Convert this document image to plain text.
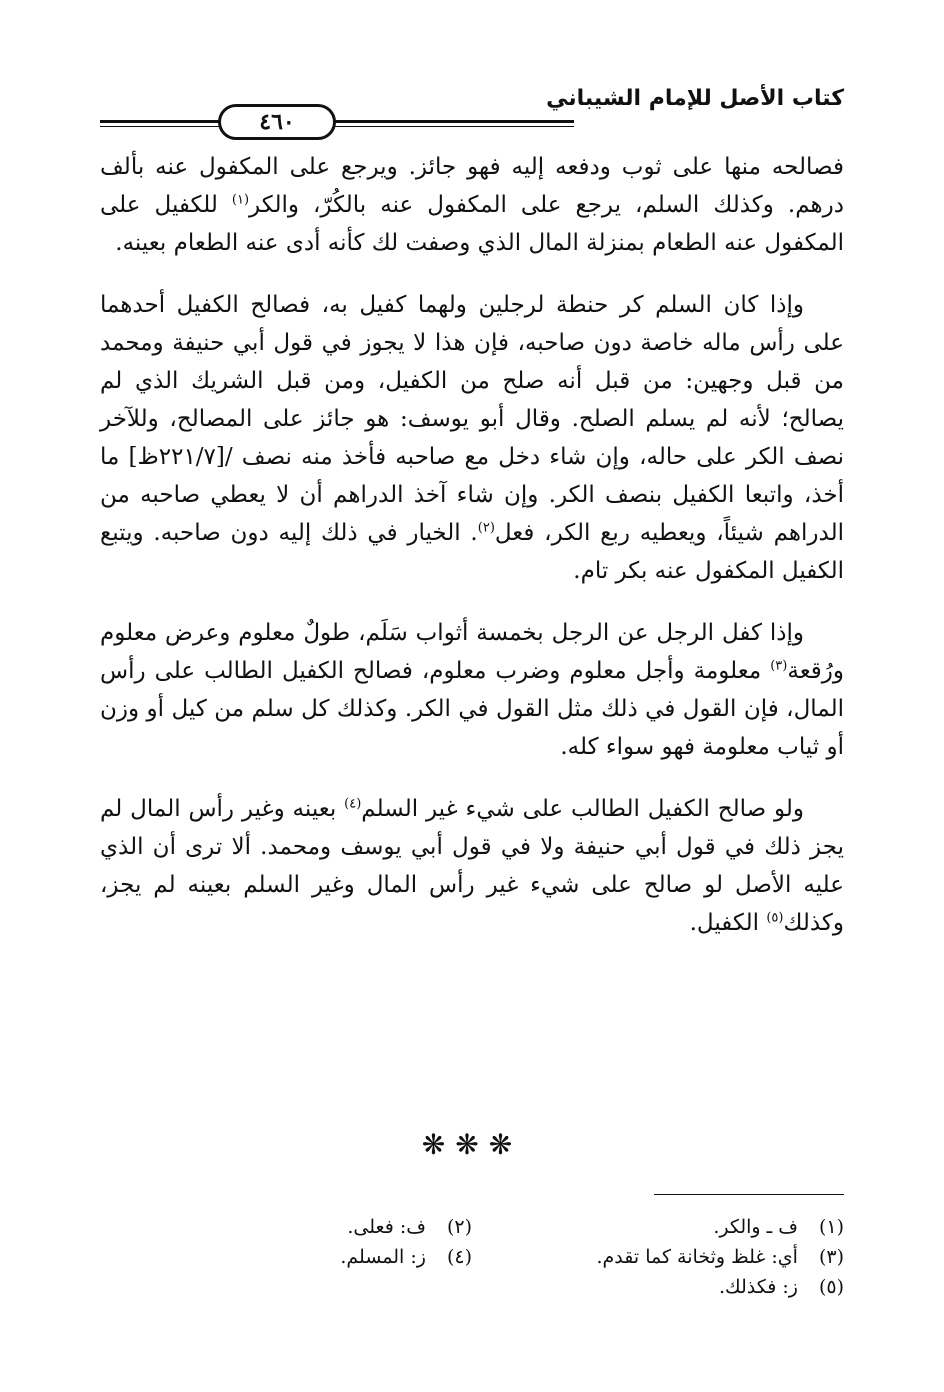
كتاب الأصل للإمام الشيباني
٤٦٠

فصالحه منها على ثوب ودفعه إليه فهو جائز. ويرجع على المكفول عنه بألف درهم. وكذلك السلم، يرجع على المكفول عنه بالكُرّ، والكر$^{(١)}$ للكفيل على المكفول عنه الطعام بمنزلة المال الذي وصفت لك كأنه أدى عنه الطعام بعينه.

وإذا كان السلم كر حنطة لرجلين ولهما كفيل به، فصالح الكفيل أحدهما على رأس ماله خاصة دون صاحبه، فإن هذا لا يجوز في قول أبي حنيفة ومحمد من قبل وجهين: من قبل أنه صلح من الكفيل، ومن قبل الشريك الذي لم يصالح؛ لأنه لم يسلم الصلح. وقال أبو يوسف: هو جائز على المصالح، وللآخر نصف الكر على حاله، وإن شاء دخل مع صاحبه فأخذ منه نصف /[٢٢١/٧ظ] ما أخذ، واتبعا الكفيل بنصف الكر. وإن شاء آخذ الدراهم أن لا يعطي صاحبه من الدراهم شيئاً، ويعطيه ربع الكر، فعل$^{(٢)}$. الخيار في ذلك إليه دون صاحبه. ويتبع الكفيل المكفول عنه بكر تام.

وإذا كفل الرجل عن الرجل بخمسة أثواب سَلَم، طولٌ معلوم وعرض معلوم ورُقعة$^{(٣)}$ معلومة وأجل معلوم وضرب معلوم، فصالح الكفيل الطالب على رأس المال، فإن القول في ذلك مثل القول في الكر. وكذلك كل سلم من كيل أو وزن أو ثياب معلومة فهو سواء كله.

ولو صالح الكفيل الطالب على شيء غير السلم$^{(٤)}$ بعينه وغير رأس المال لم يجز ذلك في قول أبي حنيفة ولا في قول أبي يوسف ومحمد. ألا ترى أن الذي عليه الأصل لو صالح على شيء غير رأس المال وغير السلم بعينه لم يجز، وكذلك$^{(٥)}$ الكفيل.

❋❋❋
(١) ف ـ والكر.
(٢) ف: فعلى.
(٣) أي: غلظ وثخانة كما تقدم.
(٤) ز: المسلم.
(٥) ز: فكذلك.
